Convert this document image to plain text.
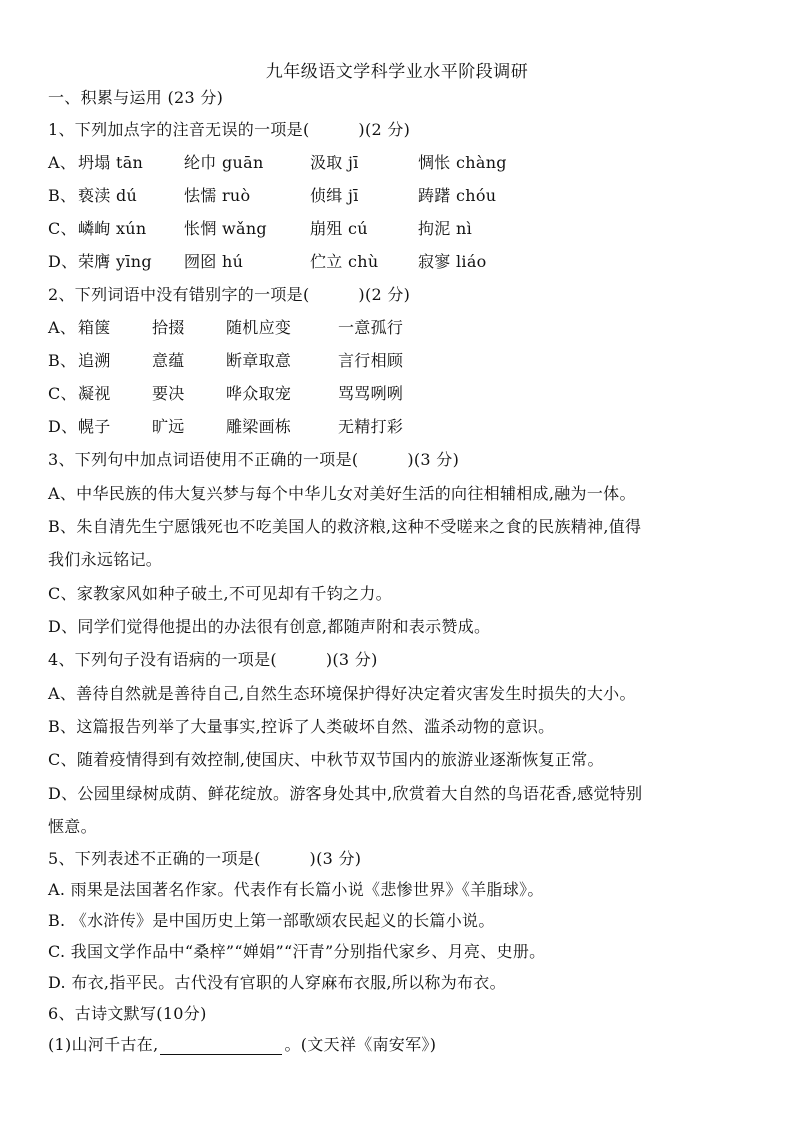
九年级语文学科学业水平阶段调研
一、积累与运用 (23 分)
1、下列加点字的注音无误的一项是(　　　)(2 分)
A、 坍塌 tān	纶巾 guān	汲取 jī	惆怅 chàng
B、 亵渎 dú	怯懦 ruò	侦缉 jī	踌躇 chóu
C、 嶙峋 xún	怅惘 wǎng	崩殂 cú	拘泥 nì
D、 荣膺 yīng	囫囵 hú	伫立 chù	寂寥 liáo
2、下列词语中没有错别字的一项是(　　　)(2 分)
A、 箱箧	拾掇	随机应变	一意孤行
B、 追溯	意蕴	断章取意	言行相顾
C、 凝视	要决	哗众取宠	骂骂咧咧
D、 幌子	旷远	雕梁画栋	无精打彩
3、下列句中加点词语使用不正确的一项是(　　　)(3 分)
A、中华民族的伟大复兴梦与每个中华儿女对美好生活的向往相辅相成,融为一体。
B、朱自清先生宁愿饿死也不吃美国人的救济粮,这种不受嗟来之食的民族精神,值得
我们永远铭记。
C、家教家风如种子破土,不可见却有千钧之力。
D、同学们觉得他提出的办法很有创意,都随声附和表示赞成。
4、下列句子没有语病的一项是(　　　)(3 分)
A、善待自然就是善待自己,自然生态环境保护得好决定着灾害发生时损失的大小。
B、这篇报告列举了大量事实,控诉了人类破坏自然、滥杀动物的意识。
C、随着疫情得到有效控制,使国庆、中秋节双节国内的旅游业逐渐恢复正常。
D、公园里绿树成荫、鲜花绽放。游客身处其中,欣赏着大自然的鸟语花香,感觉特别
惬意。
5、下列表述不正确的一项是(　　　)(3 分)
A. 雨果是法国著名作家。代表作有长篇小说《悲惨世界》《羊脂球》。
B. 《水浒传》是中国历史上第一部歌颂农民起义的长篇小说。
C. 我国文学作品中“桑梓”“婵娟”“汗青”分别指代家乡、月亮、史册。
D. 布衣,指平民。古代没有官职的人穿麻布衣服,所以称为布衣。
6、古诗文默写(10分)
(1)山河千古在,	。(文天祥《南安军》)
